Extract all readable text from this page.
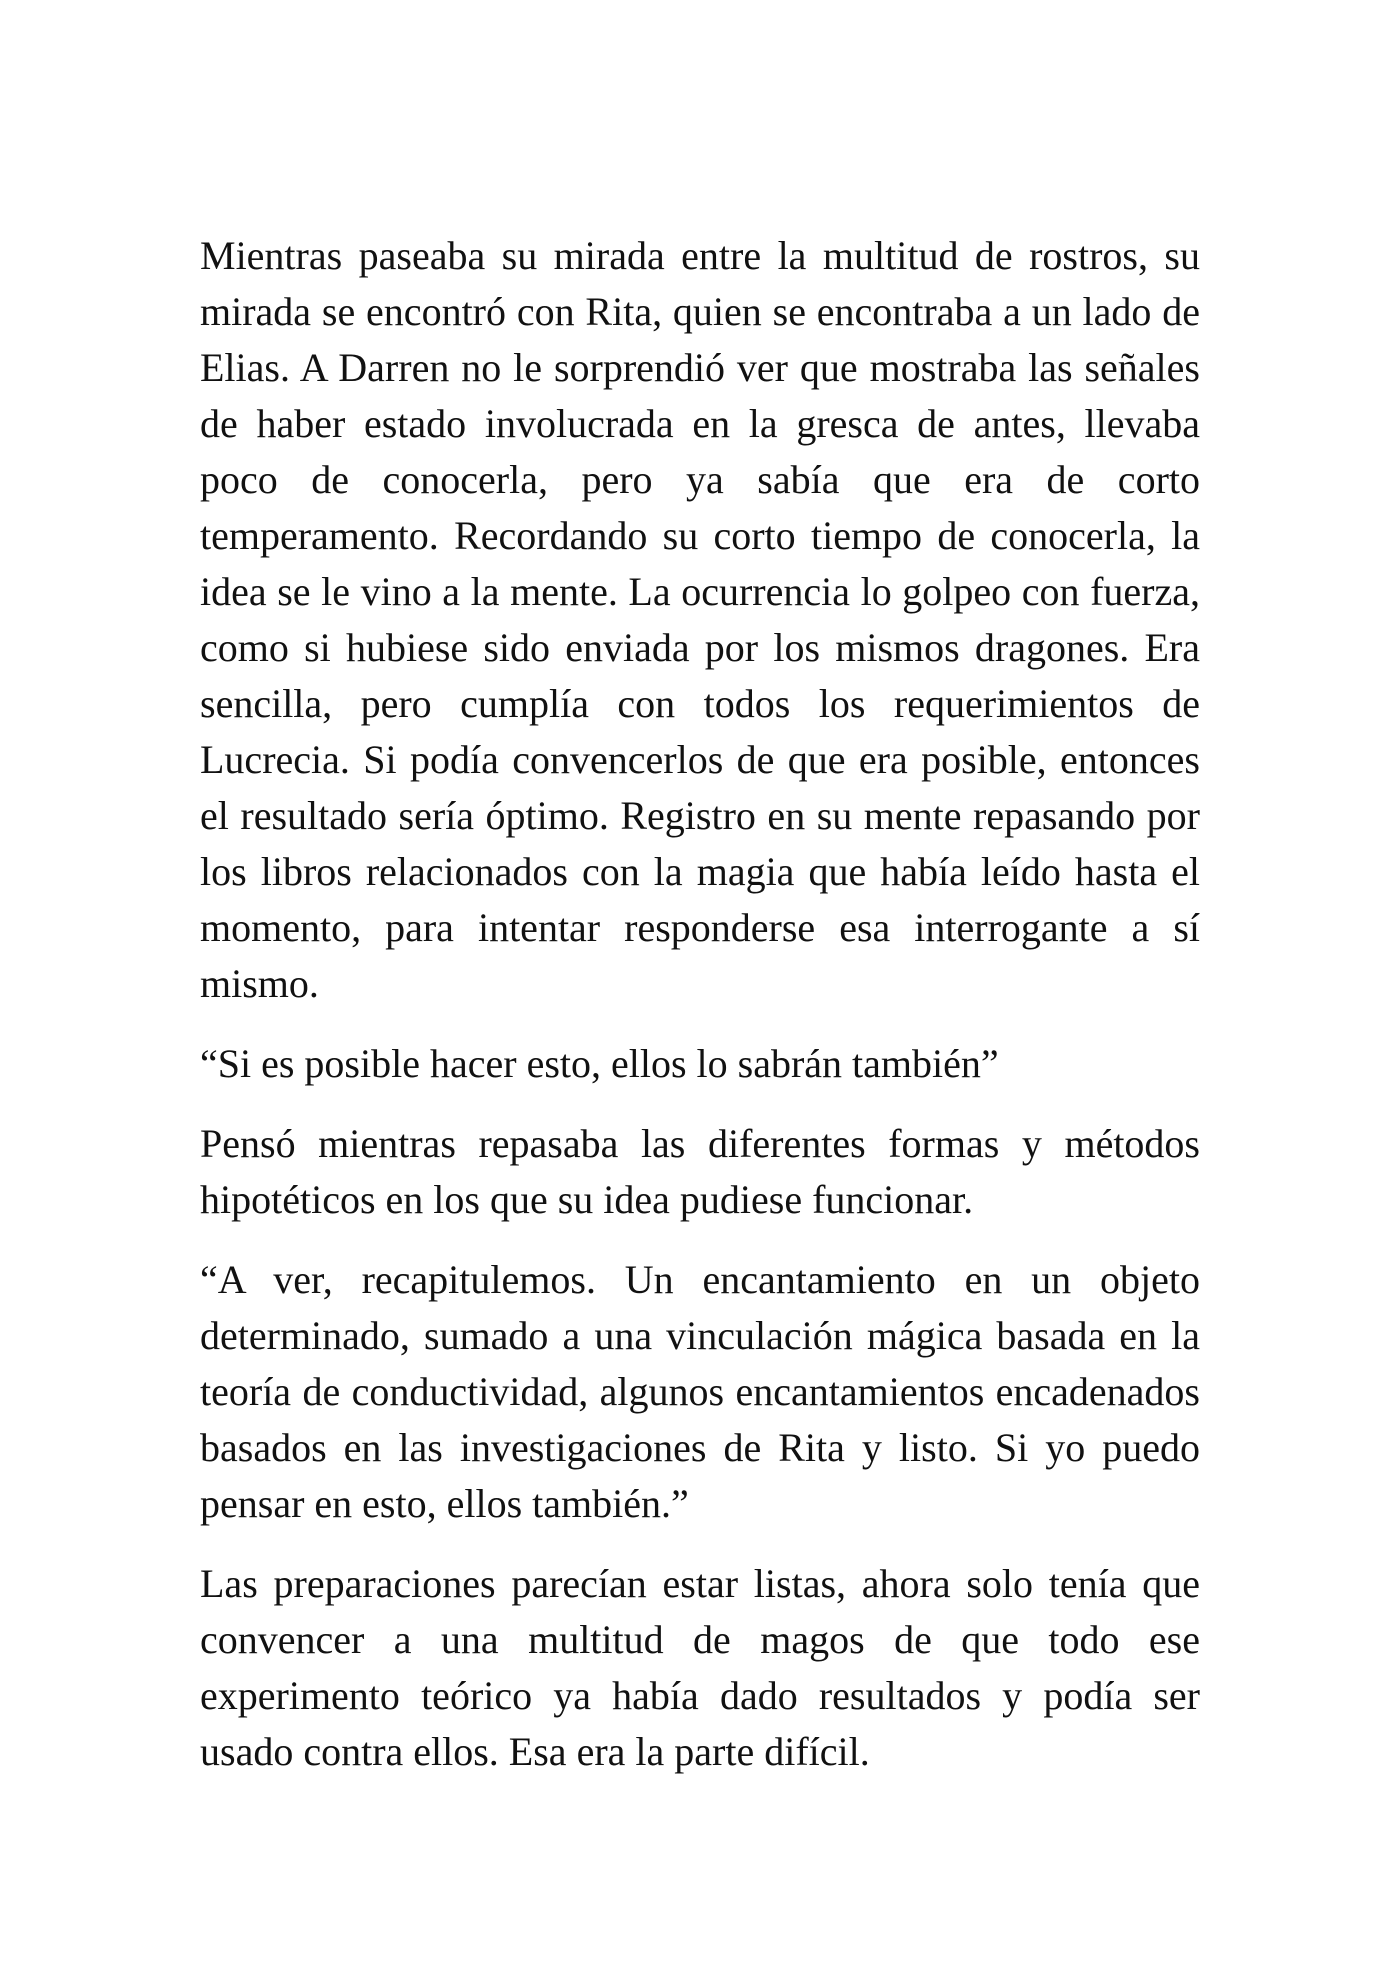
Mientras paseaba su mirada entre la multitud de rostros, su mirada se encontró con Rita, quien se encontraba a un lado de Elias. A Darren no le sorprendió ver que mostraba las señales de haber estado involucrada en la gresca de antes, llevaba poco de conocerla, pero ya sabía que era de corto temperamento. Recordando su corto tiempo de conocerla, la idea se le vino a la mente. La ocurrencia lo golpeo con fuerza, como si hubiese sido enviada por los mismos dragones. Era sencilla, pero cumplía con todos los requerimientos de Lucrecia. Si podía convencerlos de que era posible, entonces el resultado sería óptimo. Registro en su mente repasando por los libros relacionados con la magia que había leído hasta el momento, para intentar responderse esa interrogante a sí mismo.

“Si es posible hacer esto, ellos lo sabrán también”

Pensó mientras repasaba las diferentes formas y métodos hipotéticos en los que su idea pudiese funcionar.

“A ver, recapitulemos. Un encantamiento en un objeto determinado, sumado a una vinculación mágica basada en la teoría de conductividad, algunos encantamientos encadenados basados en las investigaciones de Rita y listo. Si yo puedo pensar en esto, ellos también.”

Las preparaciones parecían estar listas, ahora solo tenía que convencer a una multitud de magos de que todo ese experimento teórico ya había dado resultados y podía ser usado contra ellos. Esa era la parte difícil.
